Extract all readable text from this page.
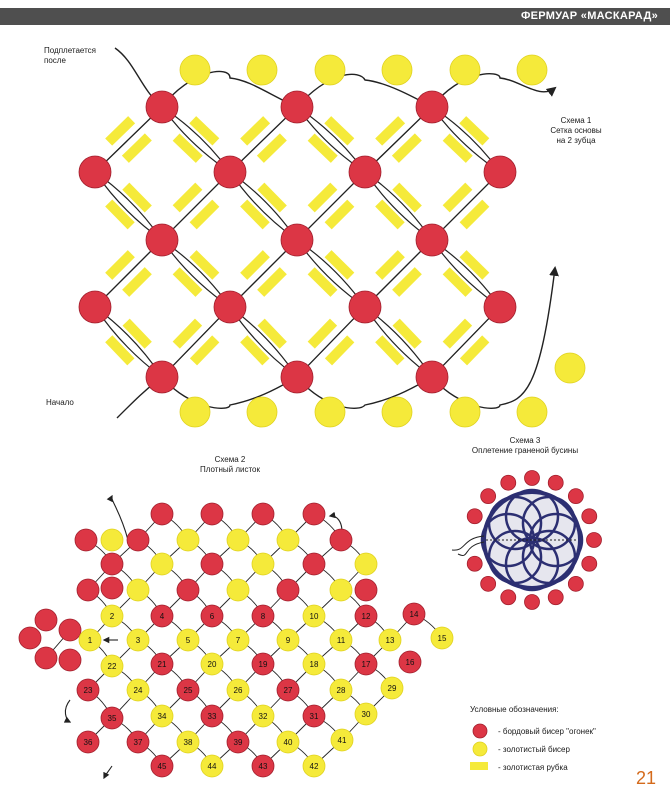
ФЕРМУАР «МАСКАРАД»
Подплетается
после
Начало
Схема 1
Сетка основы
на 2 зубца
Схема 2
Плотный листок
Схема 3
Оплетение граненой бусины
1
2
3
4
5
6
7
8
9
10
11
12
13
14
15
16
17
18
19
20
21
22
23	24	25	26	27	28	29
30
31
32
33
34
35
36	37	38	39	40	41
42
43
44
45
Условные обозначения:
- бордовый бисер "огонек"
- золотистый бисер
- золотистая рубка
21
